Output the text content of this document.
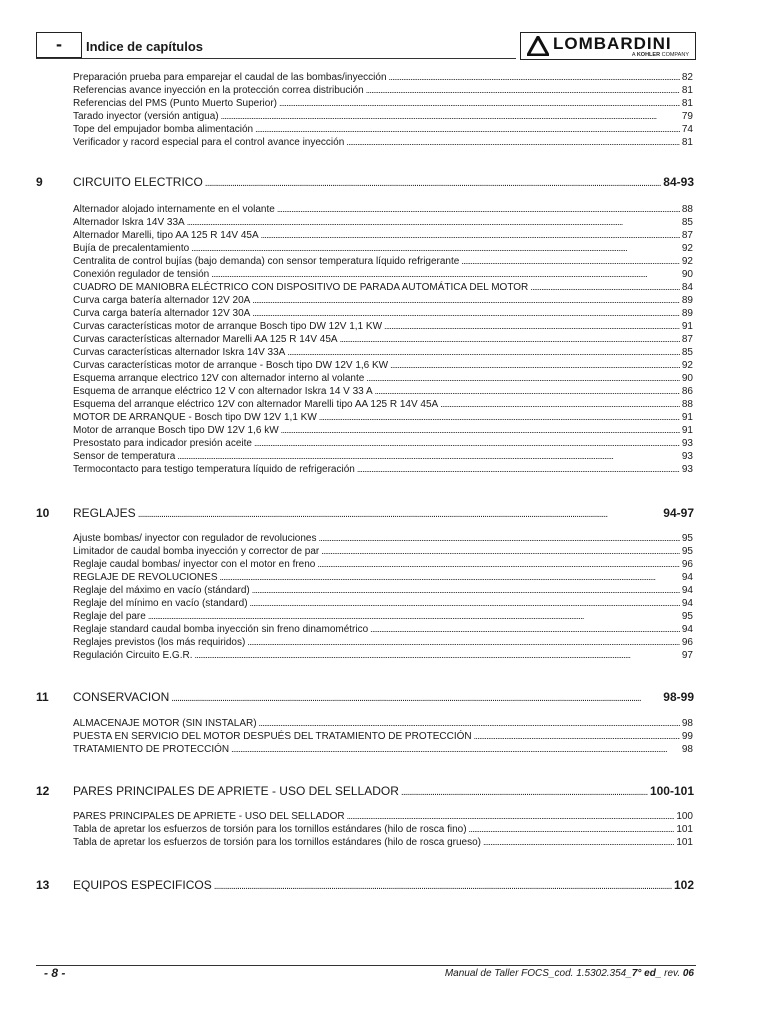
-	Indice de capítulos	LOMBARDINI
A KOHLER COMPANY
Preparación prueba para emparejar el caudal de las bombas/inyección . . .	82
Referencias avance inyección en la protección correa distribución . . .	81
Referencias del PMS (Punto Muerto Superior) . . .	81
Tarado inyector (versión antigua) . . .	79
Tope del empujador bomba alimentación . . .	74
Verificador y racord especial para el control avance inyección . . .	81
9	CIRCUITO ELECTRICO . . .	84-93
Alternador alojado internamente en el volante . . .	88
Alternador Iskra 14V 33A . . .	85
Alternador Marelli, tipo AA 125 R 14V 45A . . .	87
Bujía de precalentamiento . . .	92
Centralita de control bujías (bajo demanda) con sensor temperatura líquido refrigerante . . .	92
Conexión regulador de tensión . . .	90
CUADRO DE MANIOBRA ELÉCTRICO CON DISPOSITIVO DE PARADA AUTOMÁTICA DEL MOTOR . . .	84
Curva carga batería alternador 12V 20A . . .	89
Curva carga batería alternador 12V 30A . . .	89
Curvas características motor de arranque Bosch tipo DW 12V 1,1 KW . . .	91
Curvas características alternador Marelli AA 125 R 14V 45A . . .	87
Curvas características alternador Iskra 14V 33A . . .	85
Curvas características motor de arranque - Bosch tipo DW 12V 1,6 KW . . .	92
Esquema arranque electrico 12V con alternador interno al volante . . .	90
Esquema de arranque eléctrico 12 V con alternador Iskra 14 V 33 A . . .	86
Esquema del arranque eléctrico 12V con alternador Marelli tipo AA 125 R 14V 45A . . .	88
MOTOR DE ARRANQUE - Bosch tipo DW 12V 1,1 KW . . .	91
Motor de arranque Bosch tipo DW 12V 1,6 kW . . .	91
Presostato para indicador presión aceite . . .	93
Sensor de temperatura . . .	93
Termocontacto para testigo temperatura líquido de refrigeración . . .	93
10	REGLAJES . . .	94-97
Ajuste bombas/ inyector con regulador de revoluciones . . .	95
Limitador de caudal bomba inyección y corrector de par . . .	95
Reglaje caudal bombas/ inyector con el motor en freno . . .	96
REGLAJE DE REVOLUCIONES . . .	94
Reglaje del máximo en vacío (stándard) . . .	94
Reglaje del mínimo en vacío (standard) . . .	94
Reglaje del pare . . .	95
Reglaje standard caudal bomba inyección sin freno dinamométrico . . .	94
Reglajes previstos (los más requiridos) . . .	96
Regulación Circuito E.G.R. . . .	97
11	CONSERVACION . . .	98-99
ALMACENAJE MOTOR (SIN INSTALAR) . . .	98
PUESTA EN SERVICIO DEL MOTOR DESPUÉS DEL TRATAMIENTO DE PROTECCIÓN . . .	99
TRATAMIENTO DE PROTECCIÓN . . .	98
12	PARES PRINCIPALES DE APRIETE - USO DEL SELLADOR . . .	100-101
PARES PRINCIPALES DE APRIETE - USO DEL SELLADOR . . .	100
Tabla de apretar los esfuerzos de torsión para los tornillos estándares (hilo de rosca fino) . . .	101
Tabla de apretar los esfuerzos de torsión para los tornillos estándares (hilo de rosca grueso) . . .	101
13	EQUIPOS ESPECIFICOS . . .	102
- 8 -	Manual de Taller FOCS_cod. 1.5302.354_7° ed_ rev. 06
